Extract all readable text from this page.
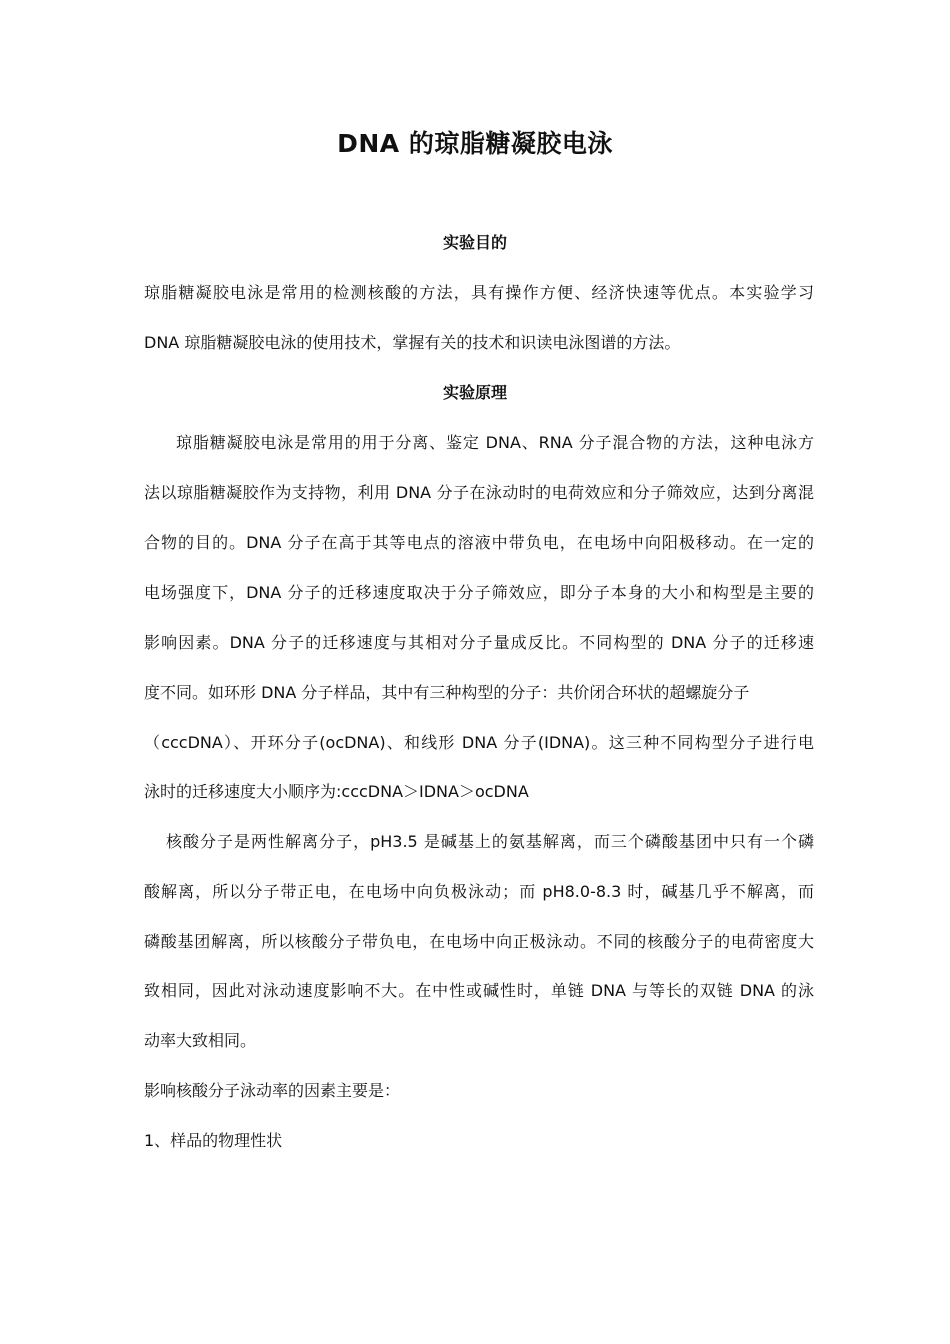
DNA 的琼脂糖凝胶电泳
实验目的
琼脂糖凝胶电泳是常用的检测核酸的方法，具有操作方便、经济快速等优点。本实验学习
DNA 琼脂糖凝胶电泳的使用技术，掌握有关的技术和识读电泳图谱的方法。
实验原理
琼脂糖凝胶电泳是常用的用于分离、鉴定 DNA、RNA 分子混合物的方法，这种电泳方
法以琼脂糖凝胶作为支持物，利用 DNA 分子在泳动时的电荷效应和分子筛效应，达到分离混
合物的目的。DNA 分子在高于其等电点的溶液中带负电，在电场中向阳极移动。在一定的
电场强度下，DNA 分子的迁移速度取决于分子筛效应，即分子本身的大小和构型是主要的
影响因素。DNA 分子的迁移速度与其相对分子量成反比。不同构型的 DNA 分子的迁移速
度不同。如环形 DNA 分子样品，其中有三种构型的分子：共价闭合环状的超螺旋分子
（cccDNA）、开环分子(ocDNA)、和线形 DNA 分子(IDNA)。这三种不同构型分子进行电
泳时的迁移速度大小顺序为:cccDNA＞IDNA＞ocDNA
核酸分子是两性解离分子，pH3.5 是碱基上的氨基解离，而三个磷酸基团中只有一个磷
酸解离，所以分子带正电，在电场中向负极泳动；而 pH8.0-8.3 时，碱基几乎不解离，而
磷酸基团解离，所以核酸分子带负电，在电场中向正极泳动。不同的核酸分子的电荷密度大
致相同，因此对泳动速度影响不大。在中性或碱性时，单链 DNA 与等长的双链 DNA 的泳
动率大致相同。
影响核酸分子泳动率的因素主要是：
1、样品的物理性状
